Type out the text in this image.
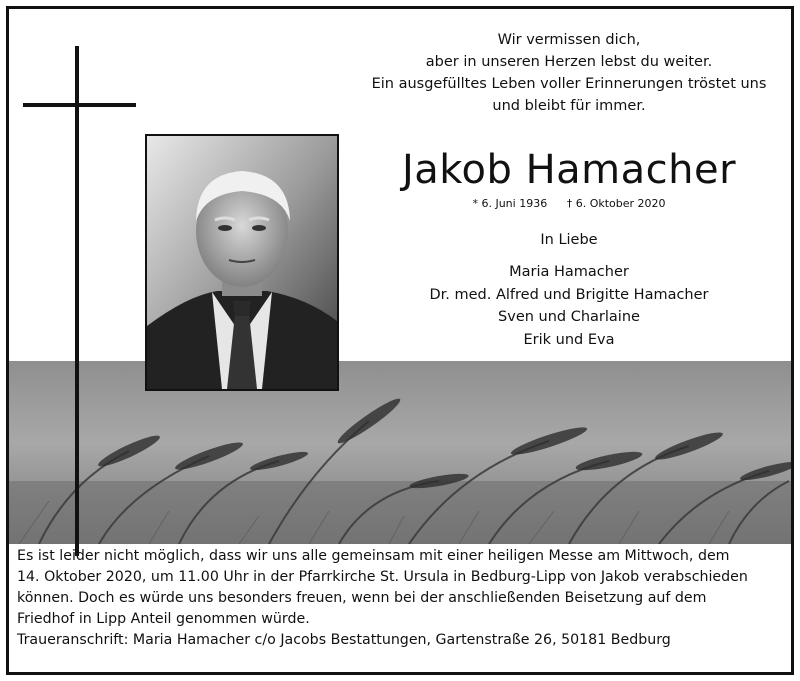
Wir vermissen dich,
aber in unseren Herzen lebst du weiter.
Ein ausgefülltes Leben voller Erinnerungen tröstet uns
und bleibt für immer.
Jakob Hamacher
* 6. Juni 1936 † 6. Oktober 2020
In Liebe
Maria Hamacher
Dr. med. Alfred und Brigitte Hamacher
Sven und Charlaine
Erik und Eva
Es ist leider nicht möglich, dass wir uns alle gemeinsam mit einer heiligen Messe am Mittwoch, dem
14. Oktober 2020, um 11.00 Uhr in der Pfarrkirche St. Ursula in Bedburg-Lipp von Jakob verabschieden
können. Doch es würde uns besonders freuen, wenn bei der anschließenden Beisetzung auf dem
Friedhof in Lipp Anteil genommen würde.
Traueranschrift: Maria Hamacher c/o Jacobs Bestattungen, Gartenstraße 26, 50181 Bedburg
